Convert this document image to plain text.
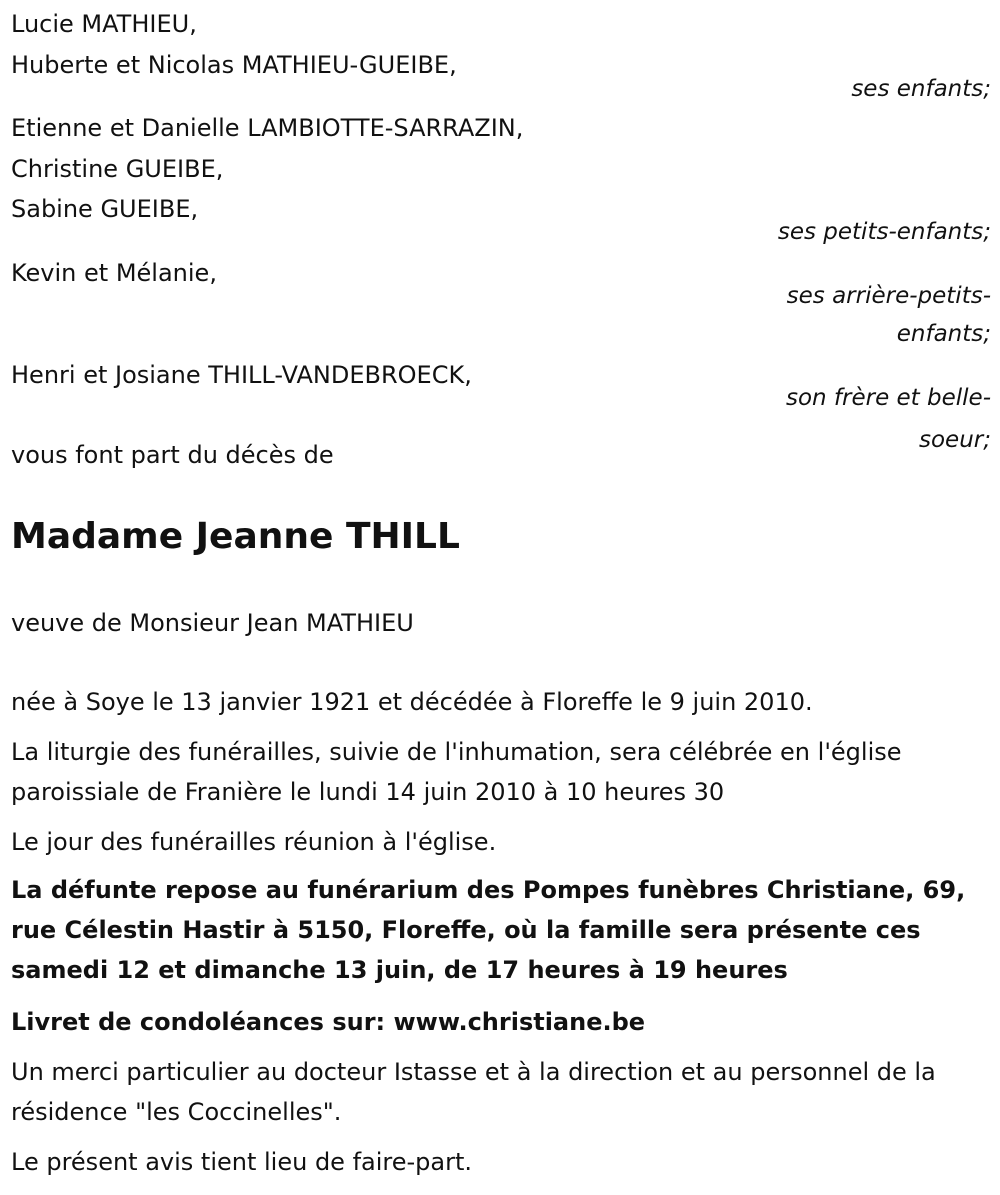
Lucie MATHIEU,
Huberte et Nicolas MATHIEU-GUEIBE,
ses enfants;
Etienne et Danielle LAMBIOTTE-SARRAZIN,
Christine GUEIBE,
Sabine GUEIBE,
ses petits-enfants;
Kevin et Mélanie,
ses arrière-petits-
enfants;
Henri et Josiane THILL-VANDEBROECK,
son frère et belle-
soeur;
vous font part du décès de
Madame Jeanne THILL
veuve de Monsieur Jean MATHIEU
née à Soye le 13 janvier 1921 et décédée à Floreffe le 9 juin 2010.
La liturgie des funérailles, suivie de l'inhumation, sera célébrée en l'église paroissiale de Franière le lundi 14 juin 2010 à 10 heures 30
Le jour des funérailles réunion à l'église.
La défunte repose au funérarium des Pompes funèbres Christiane, 69, rue Célestin Hastir à 5150, Floreffe, où la famille sera présente ces samedi 12 et dimanche 13 juin, de 17 heures à 19 heures
Livret de condoléances sur: www.christiane.be
Un merci particulier au docteur Istasse et à la direction et au personnel de la résidence "les Coccinelles".
Le présent avis tient lieu de faire-part.
